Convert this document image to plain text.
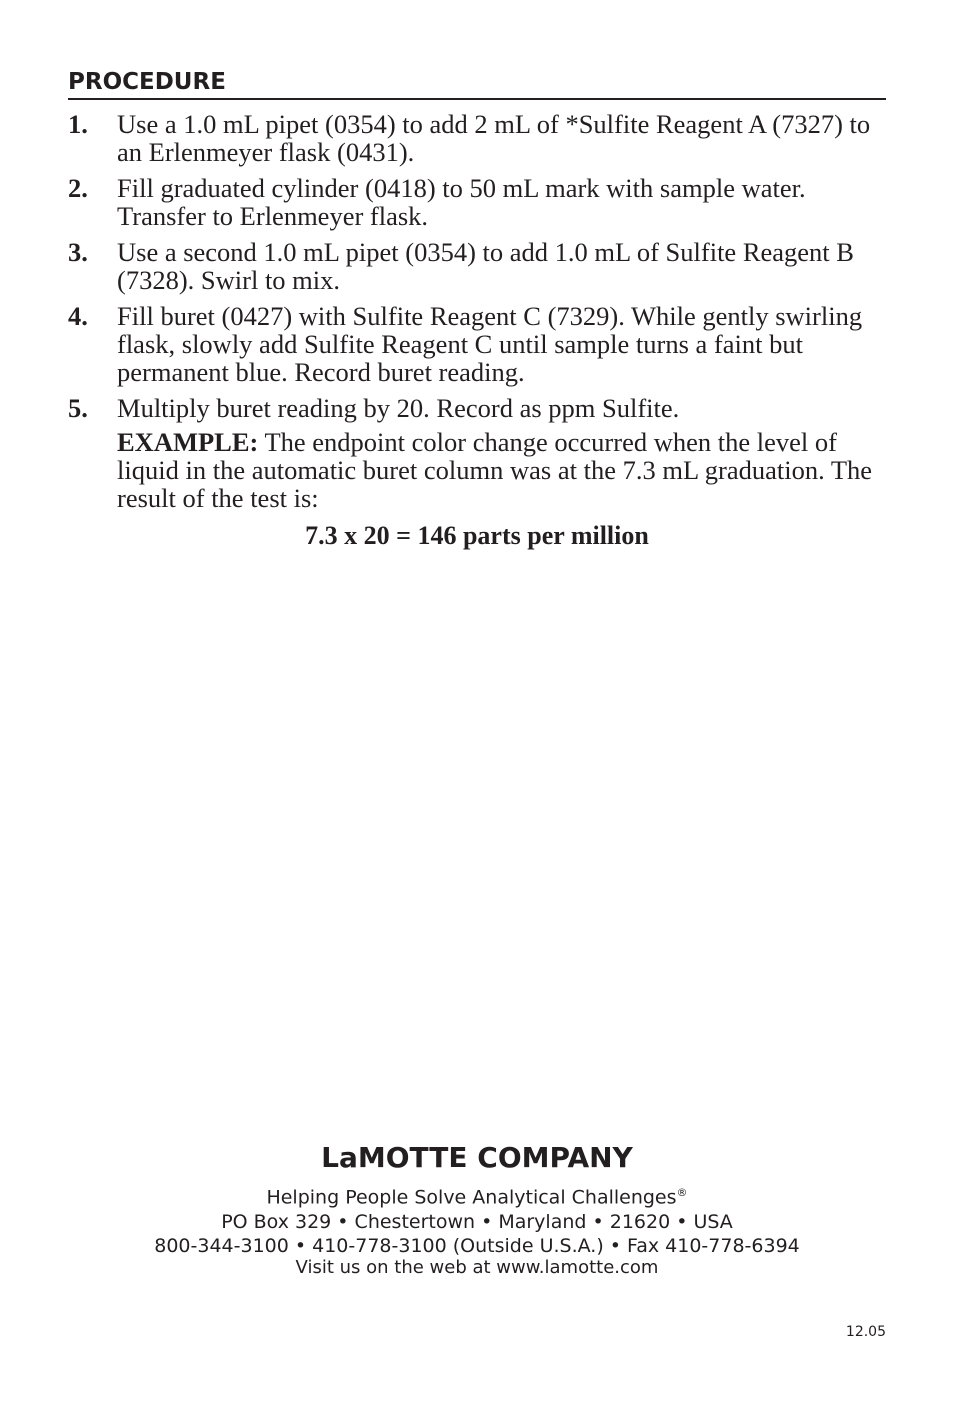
PROCEDURE
1. Use a 1.0 mL pipet (0354) to add 2 mL of *Sulfite Reagent A (7327) to an Erlenmeyer flask (0431).
2. Fill graduated cylinder (0418) to 50 mL mark with sample water. Transfer to Erlenmeyer flask.
3. Use a second 1.0 mL pipet (0354) to add 1.0 mL of Sulfite Reagent B (7328). Swirl to mix.
4. Fill buret (0427) with Sulfite Reagent C (7329). While gently swirling flask, slowly add Sulfite Reagent C until sample turns a faint but permanent blue. Record buret reading.
5. Multiply buret reading by 20. Record as ppm Sulfite.
EXAMPLE: The endpoint color change occurred when the level of liquid in the automatic buret column was at the 7.3 mL graduation. The result of the test is:
7.3 x 20 = 146 parts per million
LaMOTTE COMPANY
Helping People Solve Analytical Challenges®
PO Box 329 • Chestertown • Maryland • 21620 • USA
800-344-3100 • 410-778-3100 (Outside U.S.A.) • Fax 410-778-6394
Visit us on the web at www.lamotte.com
12.05
